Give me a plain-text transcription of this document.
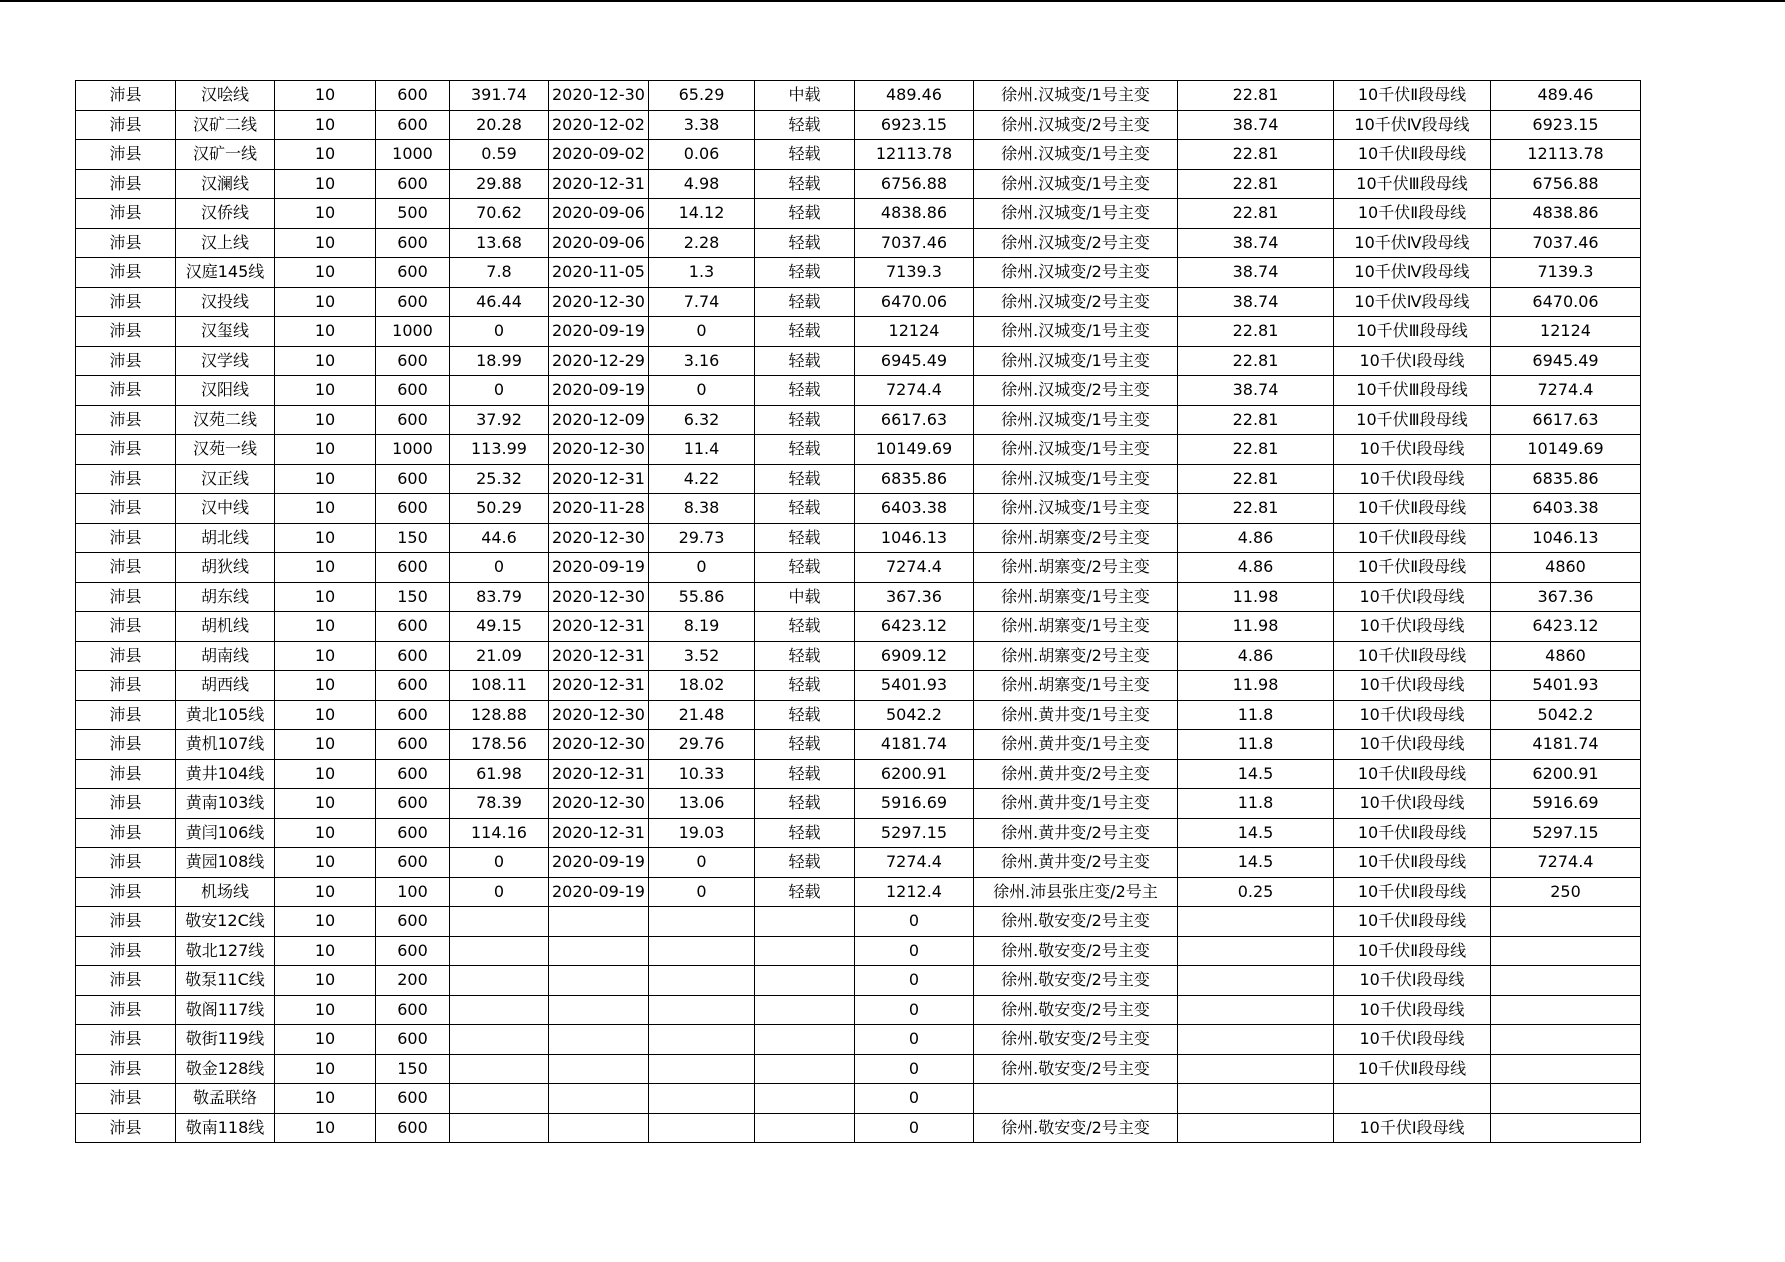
沛县	汉哙线	10	600	391.74	2020-12-30	65.29	中载	489.46	徐州.汉城变/1号主变	22.81	10千伏Ⅱ段母线	489.46
沛县	汉矿二线	10	600	20.28	2020-12-02	3.38	轻载	6923.15	徐州.汉城变/2号主变	38.74	10千伏Ⅳ段母线	6923.15
沛县	汉矿一线	10	1000	0.59	2020-09-02	0.06	轻载	12113.78	徐州.汉城变/1号主变	22.81	10千伏Ⅱ段母线	12113.78
沛县	汉澜线	10	600	29.88	2020-12-31	4.98	轻载	6756.88	徐州.汉城变/1号主变	22.81	10千伏Ⅲ段母线	6756.88
沛县	汉侨线	10	500	70.62	2020-09-06	14.12	轻载	4838.86	徐州.汉城变/1号主变	22.81	10千伏Ⅱ段母线	4838.86
沛县	汉上线	10	600	13.68	2020-09-06	2.28	轻载	7037.46	徐州.汉城变/2号主变	38.74	10千伏Ⅳ段母线	7037.46
沛县	汉庭145线	10	600	7.8	2020-11-05	1.3	轻载	7139.3	徐州.汉城变/2号主变	38.74	10千伏Ⅳ段母线	7139.3
沛县	汉投线	10	600	46.44	2020-12-30	7.74	轻载	6470.06	徐州.汉城变/2号主变	38.74	10千伏Ⅳ段母线	6470.06
沛县	汉玺线	10	1000	0	2020-09-19	0	轻载	12124	徐州.汉城变/1号主变	22.81	10千伏Ⅲ段母线	12124
沛县	汉学线	10	600	18.99	2020-12-29	3.16	轻载	6945.49	徐州.汉城变/1号主变	22.81	10千伏Ⅰ段母线	6945.49
沛县	汉阳线	10	600	0	2020-09-19	0	轻载	7274.4	徐州.汉城变/2号主变	38.74	10千伏Ⅲ段母线	7274.4
沛县	汉苑二线	10	600	37.92	2020-12-09	6.32	轻载	6617.63	徐州.汉城变/1号主变	22.81	10千伏Ⅲ段母线	6617.63
沛县	汉苑一线	10	1000	113.99	2020-12-30	11.4	轻载	10149.69	徐州.汉城变/1号主变	22.81	10千伏Ⅰ段母线	10149.69
沛县	汉正线	10	600	25.32	2020-12-31	4.22	轻载	6835.86	徐州.汉城变/1号主变	22.81	10千伏Ⅰ段母线	6835.86
沛县	汉中线	10	600	50.29	2020-11-28	8.38	轻载	6403.38	徐州.汉城变/1号主变	22.81	10千伏Ⅱ段母线	6403.38
沛县	胡北线	10	150	44.6	2020-12-30	29.73	轻载	1046.13	徐州.胡寨变/2号主变	4.86	10千伏Ⅱ段母线	1046.13
沛县	胡狄线	10	600	0	2020-09-19	0	轻载	7274.4	徐州.胡寨变/2号主变	4.86	10千伏Ⅱ段母线	4860
沛县	胡东线	10	150	83.79	2020-12-30	55.86	中载	367.36	徐州.胡寨变/1号主变	11.98	10千伏Ⅰ段母线	367.36
沛县	胡机线	10	600	49.15	2020-12-31	8.19	轻载	6423.12	徐州.胡寨变/1号主变	11.98	10千伏Ⅰ段母线	6423.12
沛县	胡南线	10	600	21.09	2020-12-31	3.52	轻载	6909.12	徐州.胡寨变/2号主变	4.86	10千伏Ⅱ段母线	4860
沛县	胡西线	10	600	108.11	2020-12-31	18.02	轻载	5401.93	徐州.胡寨变/1号主变	11.98	10千伏Ⅰ段母线	5401.93
沛县	黄北105线	10	600	128.88	2020-12-30	21.48	轻载	5042.2	徐州.黄井变/1号主变	11.8	10千伏Ⅰ段母线	5042.2
沛县	黄机107线	10	600	178.56	2020-12-30	29.76	轻载	4181.74	徐州.黄井变/1号主变	11.8	10千伏Ⅰ段母线	4181.74
沛县	黄井104线	10	600	61.98	2020-12-31	10.33	轻载	6200.91	徐州.黄井变/2号主变	14.5	10千伏Ⅱ段母线	6200.91
沛县	黄南103线	10	600	78.39	2020-12-30	13.06	轻载	5916.69	徐州.黄井变/1号主变	11.8	10千伏Ⅰ段母线	5916.69
沛县	黄闫106线	10	600	114.16	2020-12-31	19.03	轻载	5297.15	徐州.黄井变/2号主变	14.5	10千伏Ⅱ段母线	5297.15
沛县	黄园108线	10	600	0	2020-09-19	0	轻载	7274.4	徐州.黄井变/2号主变	14.5	10千伏Ⅱ段母线	7274.4
沛县	机场线	10	100	0	2020-09-19	0	轻载	1212.4	徐州.沛县张庄变/2号主	0.25	10千伏Ⅱ段母线	250
沛县	敬安12C线	10	600					0	徐州.敬安变/2号主变		10千伏Ⅱ段母线	
沛县	敬北127线	10	600					0	徐州.敬安变/2号主变		10千伏Ⅱ段母线	
沛县	敬泵11C线	10	200					0	徐州.敬安变/2号主变		10千伏Ⅰ段母线	
沛县	敬阁117线	10	600					0	徐州.敬安变/2号主变		10千伏Ⅰ段母线	
沛县	敬街119线	10	600					0	徐州.敬安变/2号主变		10千伏Ⅰ段母线	
沛县	敬金128线	10	150					0	徐州.敬安变/2号主变		10千伏Ⅱ段母线	
沛县	敬孟联络	10	600					0				
沛县	敬南118线	10	600					0	徐州.敬安变/2号主变		10千伏Ⅰ段母线	
